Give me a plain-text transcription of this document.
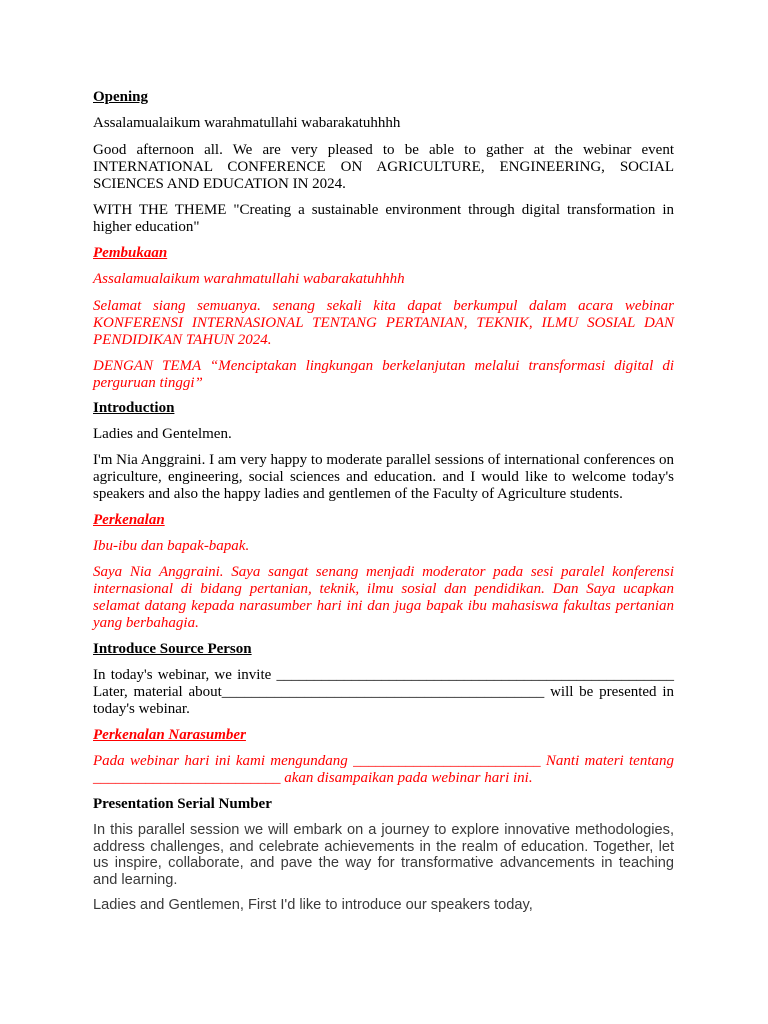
Opening

Assalamualaikum warahmatullahi wabarakatuhhhh

Good afternoon all. We are very pleased to be able to gather at the webinar event INTERNATIONAL CONFERENCE ON AGRICULTURE, ENGINEERING, SOCIAL SCIENCES AND EDUCATION IN 2024.

WITH THE THEME "Creating a sustainable environment through digital transformation in higher education"

Pembukaan

Assalamualaikum warahmatullahi wabarakatuhhhh

Selamat siang semuanya. senang sekali kita dapat berkumpul dalam acara webinar KONFERENSI INTERNASIONAL TENTANG PERTANIAN, TEKNIK, ILMU SOSIAL DAN PENDIDIKAN TAHUN 2024.

DENGAN TEMA “Menciptakan lingkungan berkelanjutan melalui transformasi digital di perguruan tinggi”

Introduction

Ladies and Gentelmen.

I'm Nia Anggraini. I am very happy to moderate parallel sessions of international conferences on agriculture, engineering, social sciences and education. and I would like to welcome today's speakers and also the happy ladies and gentlemen of the Faculty of Agriculture students.

Perkenalan

Ibu-ibu dan bapak-bapak.

Saya Nia Anggraini. Saya sangat senang menjadi moderator pada sesi paralel konferensi internasional di bidang pertanian, teknik, ilmu sosial dan pendidikan. Dan Saya ucapkan selamat datang kepada narasumber hari ini dan juga bapak ibu mahasiswa fakultas pertanian yang berbahagia.

Introduce Source Person

In today's webinar, we invite _____________________________________________________ Later, material about___________________________________________ will be presented in today's webinar.

Perkenalan Narasumber

Pada webinar hari ini kami mengundang _________________________ Nanti materi tentang _________________________ akan disampaikan pada webinar hari ini.

Presentation Serial Number

In this parallel session we will embark on a journey to explore innovative methodologies, address challenges, and celebrate achievements in the realm of education. Together, let us inspire, collaborate, and pave the way for transformative advancements in teaching and learning.

Ladies and Gentlemen, First I'd like to introduce our speakers today,
